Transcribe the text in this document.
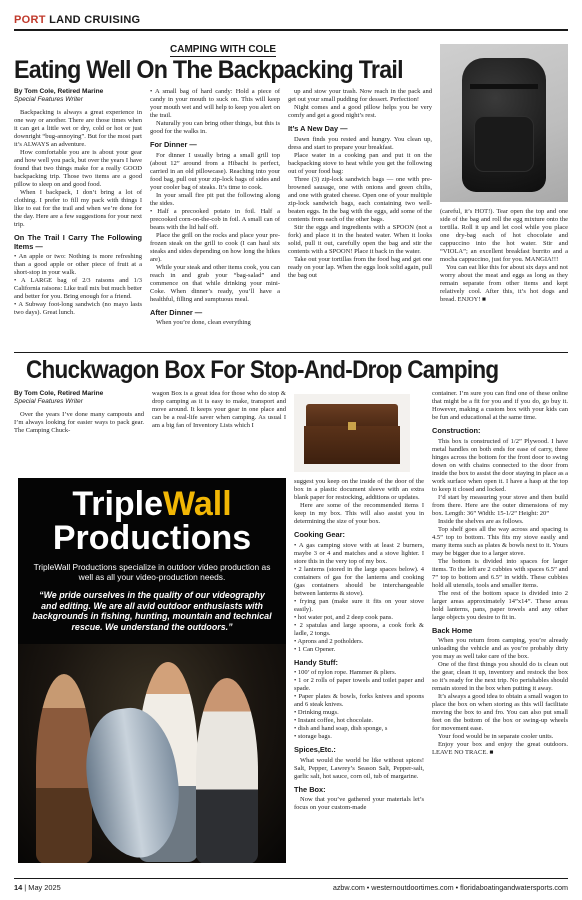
PORT LAND CRUISING
CAMPING WITH COLE
Eating Well On The Backpacking Trail
By Tom Cole, Retired Marine
Special Features Writer

Backpacking is always a great experience in one way or another. There are those times when it can get a little wet or dry, cold or hot or just downright “bug-annoying”. But for the most part it’s ALWAYS an adventure.

How comfortable you are is about your gear and how well you pack, but over the years I have found that two things make for a really GOOD backpacking trip. Those two items are a good pillow to sleep on and good food.

When I backpack, I don’t bring a lot of clothing. I prefer to fill my pack with things I like to eat for the trail and when we’re done for the day. Here are a few suggestions for your next trip.

On The Trail I Carry The Following Items —

• An apple or two: Nothing is more refreshing than a good apple or other piece of fruit at a short-stop in your walk.

• A LARGE bag of 2/3 raisons and 1/3 California raisons: Like trail mix but much better and better for you. Bring enough for a friend.

• A Subway foot-long sandwich (no mayo lasts two days). Great lunch.

• A small bag of hard candy: Hold a piece of candy in your mouth to suck on. This will keep your mouth wet and will help to keep you alert on the trail.

Naturally you can bring other things, but this is good for the walks in.

For Dinner —

For dinner I usually bring a small grill top (about 12” around from a Hibachi is perfect, carried in an old pillowcase). Reaching into your food bag, pull out your zip-lock bags of sides and your cooler bag of steaks. It’s time to cook.

In your small fire pit put the following along the sides.

• Half a precooked potato in foil. Half a precooked corn-on-the-cob in foil. A small can of beans with the lid half off.

Place the grill on the rocks and place your pre-frozen steak on the grill to cook (I can haul six steaks and sides depending on how long the hikes are).

While your steak and other items cook, you can reach in and grab your “bag-salad” and commence on that while drinking your mini-Coke. When dinner’s ready, you’ll have a healthful, filling and sumptuous meal.

After Dinner —

When you’re done, clean everything

up and stow your trash. Now reach in the pack and get out your small pudding for dessert. Perfection!

Night comes and a good pillow helps you be very comfy and get a good night’s rest.

It’s A New Day —

Dawn finds you rested and hungry. You clean up, dress and start to prepare your breakfast.

Place water in a cooking pan and put it on the backpacking stove to heat while you get the following out of your food bag:

Three (3) zip-lock sandwich bags — one with pre-browned sausage, one with onions and green chilis, and one with grated cheese. Open one of your multiple zip-lock sandwich bags, each containing two well-beaten eggs. In the bag with the eggs, add some of the contents from each of the other bags.

Stir the eggs and ingredients with a SPOON (not a fork) and place it in the heated water. When it looks solid, pull it out, carefully open the bag and stir the contents with a SPOON! Place it back in the water.

Take out your tortillas from the food bag and get one ready on your lap. When the eggs look solid again, pull the bag out

(careful, it’s HOT!). Tear open the top and one side of the bag and roll the egg mixture onto the tortilla. Roll it up and let cool while you place one dry-bag each of hot chocolate and cappuccino into the hot water. Stir and “VIOLA”; an excellent breakfast burrito and a mocha cappuccino, just for you. MANGIA!!!

You can eat like this for about six days and not worry about the meat and eggs as long as they remain separate from other items and kept relatively cool. After this, it’s hot dogs and bread. ENJOY! ■

Chuckwagon Box For Stop-And-Drop Camping
By Tom Cole, Retired Marine
Special Features Writer

Over the years I’ve done many campouts and I’m always looking for easier ways to pack gear. The Camping Chuck-

wagon Box is a great idea for those who do stop & drop camping as it is easy to make, transport and move around. It keeps your gear in one place and can be a real-life saver when camping. As usual I am a big fan of Inventory Lists which I

TripleWall
Productions
TripleWall Productions specialize in outdoor video production as well as all your video-production needs.
“We pride ourselves in the quality of our videography and editing. We are all avid outdoor enthusiasts with backgrounds in fishing, hunting, mountain and technical rescue. We understand the outdoors.”

suggest you keep on the inside of the door of the box in a plastic document sleeve with an extra blank paper for restocking, additions or updates.

Here are some of the recommended items I keep in my box. This will also assist you in determining the size of your box.

Cooking Gear:

• A gas camping stove with at least 2 burners, maybe 3 or 4 and matches and a stove lighter. I store this in the very top of my box.

• 2 lanterns (stored in the large spaces below). 4 containers of gas for the lanterns and cooking (gas containers should be interchangeable between lanterns & stove).

• frying pan (make sure it fits on your stove easily).

• hot water pot, and 2 deep cook pans.

• 2 spatulas and large spoons, a cook fork & ladle, 2 tongs.

• Aprons and 2 potholders.

• 1 Can Opener.

Handy Stuff:

• 100’ of nylon rope. Hammer & pliers.

• 1 or 2 rolls of paper towels and toilet paper and spade.

• Paper plates & bowls, forks knives and spoons and 6 steak knives.

• Drinking mugs.

• Instant coffee, hot chocolate.

• dish and hand soap, dish sponge, s

• storage bags.

Spices,Etc.:

What would the world be like without spices! Salt, Pepper, Lawrey’s Season Salt, Pepper-salt, garlic salt, hot sauce, corn oil, tub of margarine.

The Box:

Now that you’ve gathered your materials let’s focus on your custom-made

container. I’m sure you can find one of these online that might be a fit for you and if you do, go buy it. However, making a custom box with your kids can be fun and educational at the same time.

Construction:

This box is constructed of 1/2” Plywood. I have metal handles on both ends for ease of carry, three hinges across the bottom for the front door to swing down on with chains connected to the door from inside the box to assist the door staying in place as a work surface when open it. I have a hasp at the top to keep it closed and locked.

I’d start by measuring your stove and then build from there. Here are the outer dimensions of my box. Length: 36” Width: 15-1/2” Height: 20”

Inside the shelves are as follows.

Top shelf goes all the way across and spacing is 4.5” top to bottom. This fits my stove easily and many items such as plates & bowls next to it. Yours may be bigger due to a larger stove.

The bottom is divided into spaces for larger items. To the left are 2 cubbies with spaces 6.5” and 7” top to bottom and 6.5” in width. These cubbies hold all utensils, tools and smaller items.

The rest of the bottom space is divided into 2 larger areas approximately 14”x14”. These areas hold lanterns, pans, paper towels and any other large objects you desire to fit in.

Back Home

When you return from camping, you’re already unloading the vehicle and as you’re probably dirty you may as well take care of the box.

One of the first things you should do is clean out the gear, clean it up, inventory and restock the box so it’s ready for the next trip. No perishables should remain stored in the box when putting it away.

It’s always a good idea to obtain a small wagon to place the box on when storing as this will facilitate moving the box to and fro. You can also put small feet on the bottom of the box or swing-up wheels for movement ease.

Your food would be in separate cooler units.

Enjoy your box and enjoy the great outdoors. LEAVE NO TRACE. ■

14 | May 2025	azbw.com • westernoutdoortimes.com • floridaboatingandwatersports.com
